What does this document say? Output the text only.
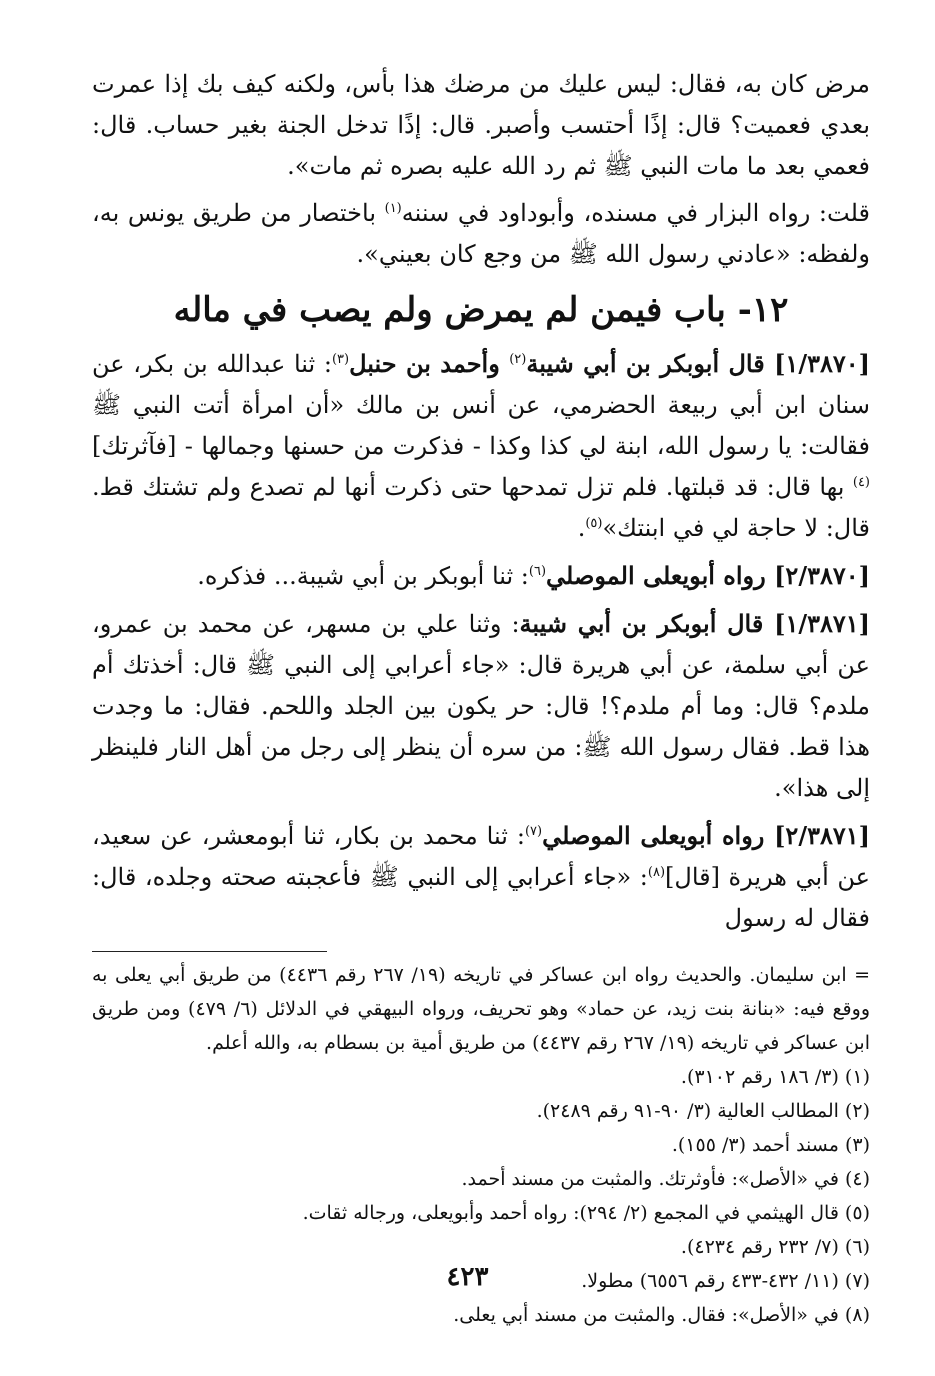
مرض كان به، فقال: ليس عليك من مرضك هذا بأس، ولكنه كيف بك إذا عمرت بعدي فعميت؟ قال: إذًا أحتسب وأصبر. قال: إذًا تدخل الجنة بغير حساب. قال: فعمي بعد ما مات النبي ﷺ ثم رد الله عليه بصره ثم مات».

قلت: رواه البزار في مسنده، وأبوداود في سننه$^{(١)}$ باختصار من طريق يونس به، ولفظه: «عادني رسول الله ﷺ من وجع كان بعيني».

١٢- باب فيمن لم يمرض ولم يصب في ماله

[١/٣٨٧٠] قال أبوبكر بن أبي شيبة$^{(٢)}$ وأحمد بن حنبل$^{(٣)}$: ثنا عبدالله بن بكر، عن سنان ابن أبي ربيعة الحضرمي، عن أنس بن مالك «أن امرأة أتت النبي ﷺ فقالت: يا رسول الله، ابنة لي كذا وكذا - فذكرت من حسنها وجمالها - [فآثرتك]$^{(٤)}$ بها قال: قد قبلتها. فلم تزل تمدحها حتى ذكرت أنها لم تصدع ولم تشتك قط. قال: لا حاجة لي في ابنتك»$^{(٥)}$.

[٢/٣٨٧٠] رواه أبويعلى الموصلي$^{(٦)}$: ثنا أبوبكر بن أبي شيبة... فذكره.

[١/٣٨٧١] قال أبوبكر بن أبي شيبة: وثنا علي بن مسهر، عن محمد بن عمرو، عن أبي سلمة، عن أبي هريرة قال: «جاء أعرابي إلى النبي ﷺ قال: أخذتك أم ملدم؟ قال: وما أم ملدم؟! قال: حر يكون بين الجلد واللحم. فقال: ما وجدت هذا قط. فقال رسول الله ﷺ: من سره أن ينظر إلى رجل من أهل النار فلينظر إلى هذا».

[٢/٣٨٧١] رواه أبويعلى الموصلي$^{(٧)}$: ثنا محمد بن بكار، ثنا أبومعشر، عن سعيد، عن أبي هريرة [قال]$^{(٨)}$: «جاء أعرابي إلى النبي ﷺ فأعجبته صحته وجلده، قال: فقال له رسول

= ابن سليمان. والحديث رواه ابن عساكر في تاريخه (١٩/ ٢٦٧ رقم ٤٤٣٦) من طريق أبي يعلى به ووقع فيه: «بنانة بنت زيد، عن حماد» وهو تحريف، ورواه البيهقي في الدلائل (٦/ ٤٧٩) ومن طريق ابن عساكر في تاريخه (١٩/ ٢٦٧ رقم ٤٤٣٧) من طريق أمية بن بسطام به، والله أعلم.

(١) (٣/ ١٨٦ رقم ٣١٠٢).
(٢) المطالب العالية (٣/ ٩٠-٩١ رقم ٢٤٨٩).
(٣) مسند أحمد (٣/ ١٥٥).
(٤) في «الأصل»: فأوثرتك. والمثبت من مسند أحمد.
(٥) قال الهيثمي في المجمع (٢/ ٢٩٤): رواه أحمد وأبويعلى، ورجاله ثقات.
(٦) (٧/ ٢٣٢ رقم ٤٢٣٤).
(٧) (١١/ ٤٣٢-٤٣٣ رقم ٦٥٥٦) مطولا.
(٨) في «الأصل»: فقال. والمثبت من مسند أبي يعلى.
٤٢٣
